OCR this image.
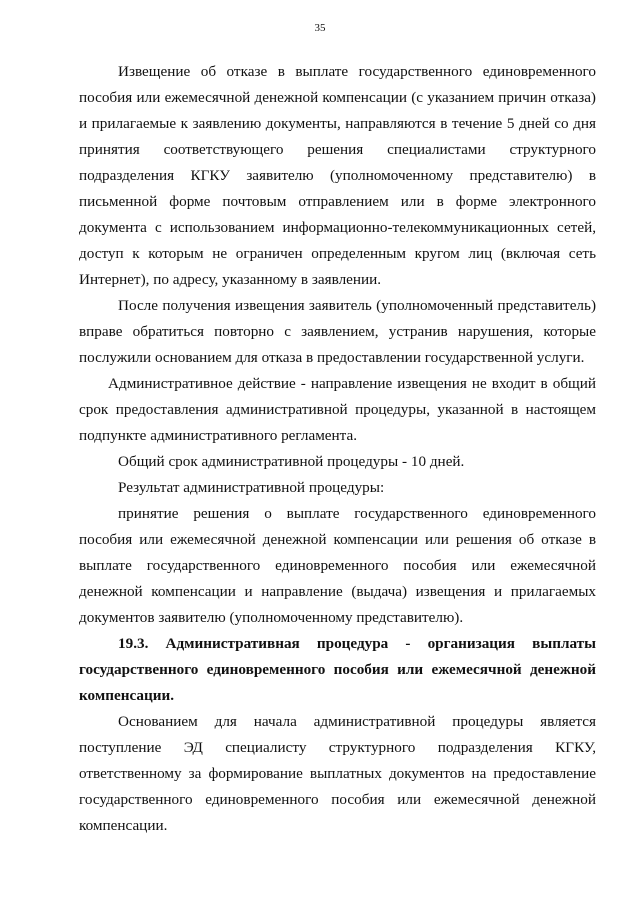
35

Извещение об отказе в выплате государственного единовременного пособия или ежемесячной денежной компенсации (с указанием причин отказа) и прилагаемые к заявлению документы, направляются в течение 5 дней со дня принятия соответствующего решения специалистами структурного подразделения КГКУ заявителю (уполномоченному представителю) в письменной форме почтовым отправлением или в форме электронного документа с использованием информационно-телекоммуникационных сетей, доступ к которым не ограничен определенным кругом лиц (включая сеть Интернет), по адресу, указанному в заявлении.

После получения извещения заявитель (уполномоченный представитель) вправе обратиться повторно с заявлением, устранив нарушения, которые послужили основанием для отказа в предоставлении государственной услуги.

Административное действие - направление извещения не входит в общий срок предоставления административной процедуры, указанной в настоящем подпункте административного регламента.

Общий срок административной процедуры - 10 дней.

Результат административной процедуры:

принятие решения о выплате государственного единовременного пособия или ежемесячной денежной компенсации или решения об отказе в выплате государственного единовременного пособия или ежемесячной денежной компенсации и направление (выдача) извещения и прилагаемых документов заявителю (уполномоченному представителю).

19.3. Административная процедура - организация выплаты государственного единовременного пособия или ежемесячной денежной компенсации.

Основанием для начала административной процедуры является поступление ЭД специалисту структурного подразделения КГКУ, ответственному за формирование выплатных документов на предоставление государственного единовременного пособия или ежемесячной денежной компенсации.
